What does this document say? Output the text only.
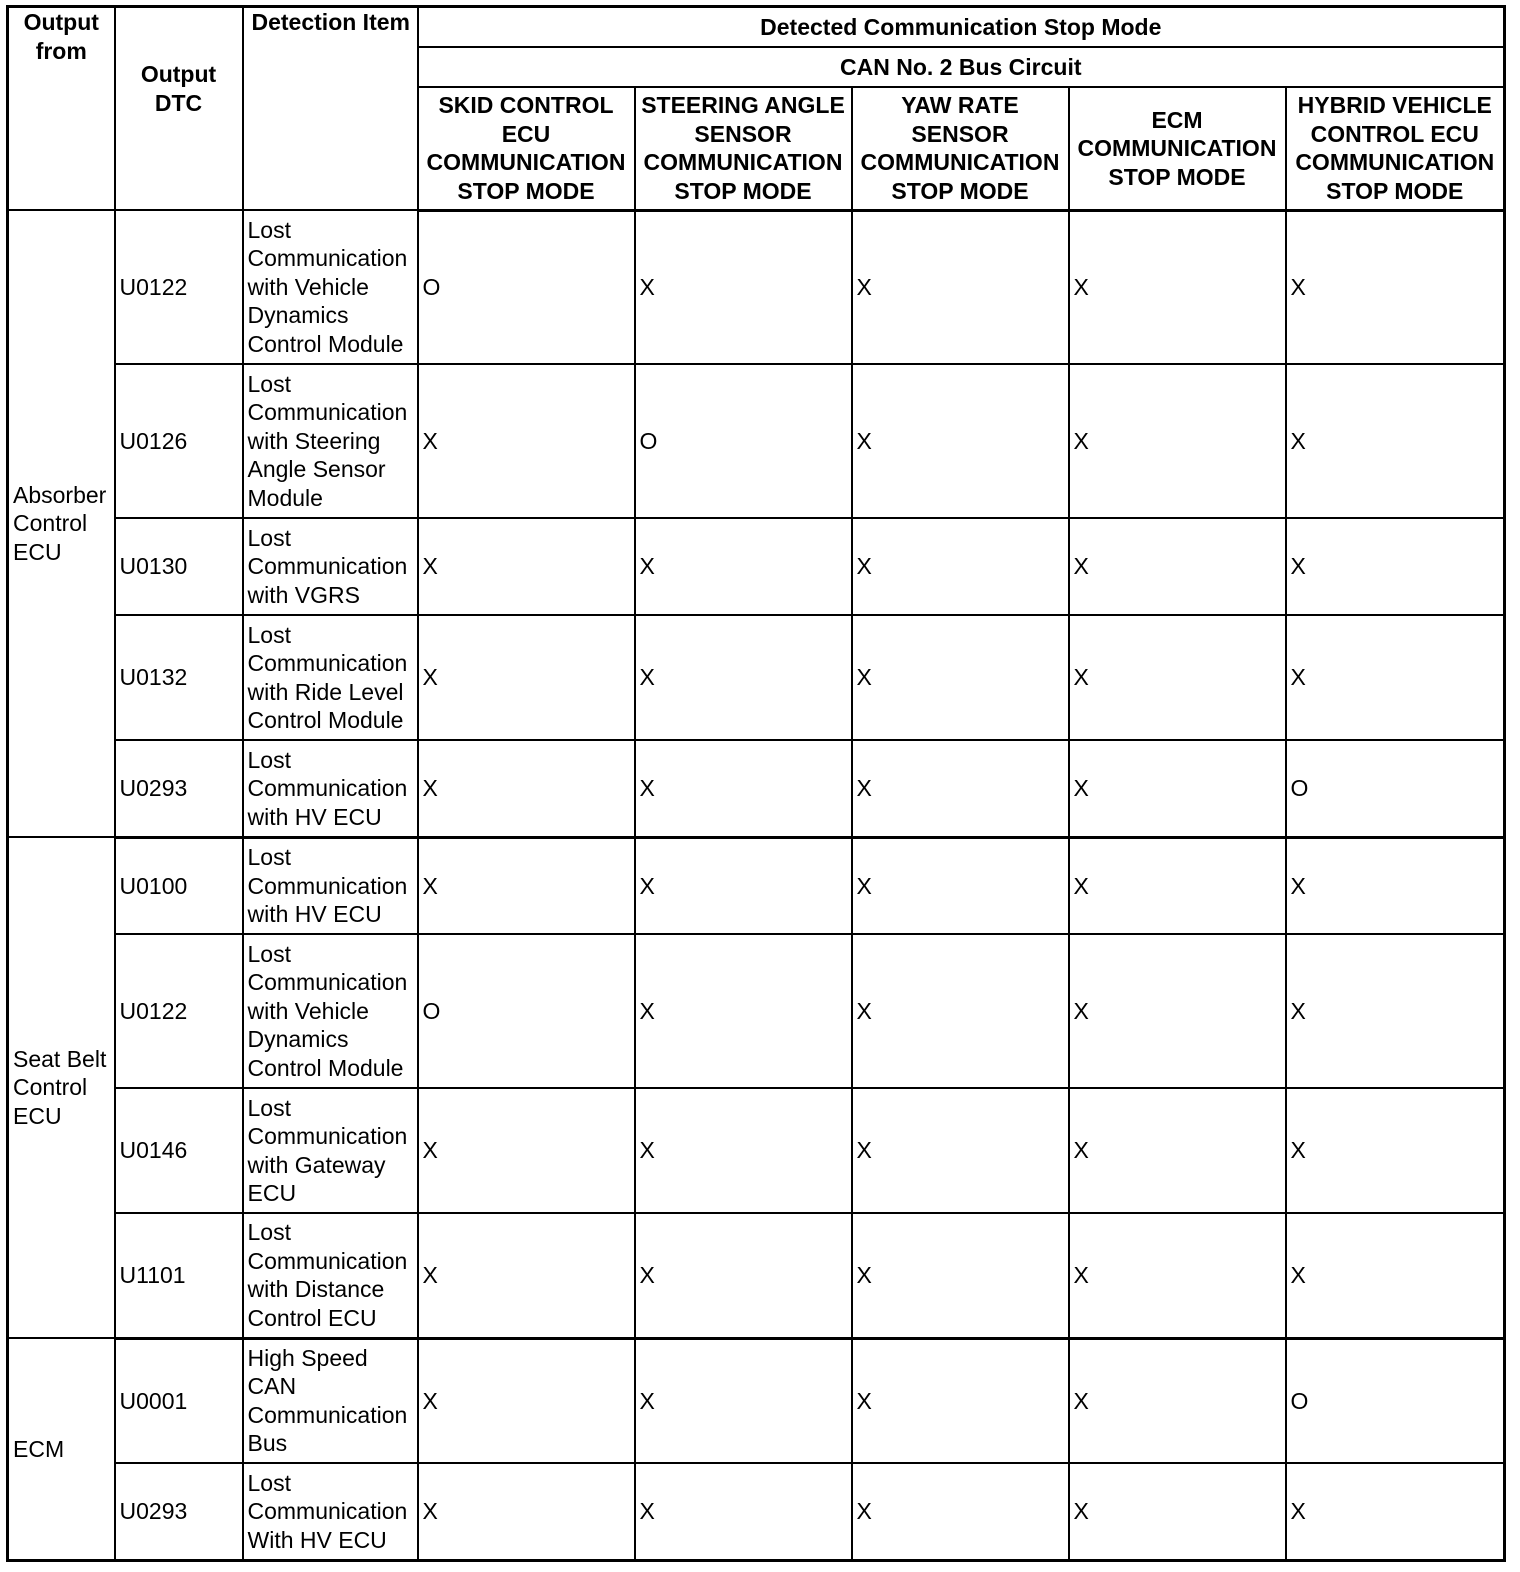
Output from	Output DTC	Detection Item	Detected Communication Stop Mode				
			CAN No. 2 Bus Circuit				
			SKID CONTROL ECU COMMUNICATION STOP MODE	STEERING ANGLE SENSOR COMMUNICATION STOP MODE	YAW RATE SENSOR COMMUNICATION STOP MODE	ECM COMMUNICATION STOP MODE	HYBRID VEHICLE CONTROL ECU COMMUNICATION STOP MODE
Absorber Control ECU	U0122	Lost Communication with Vehicle Dynamics Control Module	O	X	X	X	X
	U0126	Lost Communication with Steering Angle Sensor Module	X	O	X	X	X
	U0130	Lost Communication with VGRS	X	X	X	X	X
	U0132	Lost Communication with Ride Level Control Module	X	X	X	X	X
	U0293	Lost Communication with HV ECU	X	X	X	X	O
Seat Belt Control ECU	U0100	Lost Communication with HV ECU	X	X	X	X	X
	U0122	Lost Communication with Vehicle Dynamics Control Module	O	X	X	X	X
	U0146	Lost Communication with Gateway ECU	X	X	X	X	X
	U1101	Lost Communication with Distance Control ECU	X	X	X	X	X
ECM	U0001	High Speed CAN Communication Bus	X	X	X	X	O
	U0293	Lost Communication With HV ECU	X	X	X	X	X
